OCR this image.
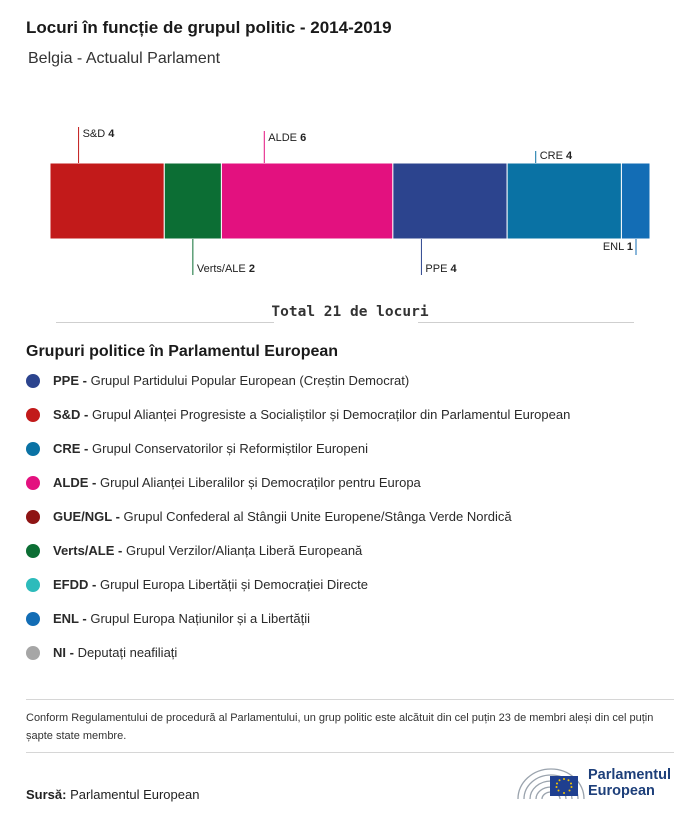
Locuri în funcție de grupul politic - 2014-2019
Belgia - Actualul Parlament
S&D 4
Verts/ALE 2
ALDE 6
PPE 4
CRE 4
ENL 1
Total 21 de locuri
Grupuri politice în Parlamentul European
PPE - Grupul Partidului Popular European (Creștin Democrat)
S&D - Grupul Alianței Progresiste a Socialiștilor și Democraților din Parlamentul European
CRE - Grupul Conservatorilor și Reformiștilor Europeni
ALDE - Grupul Alianței Liberalilor și Democraților pentru Europa
GUE/NGL - Grupul Confederal al Stângii Unite Europene/Stânga Verde Nordică
Verts/ALE - Grupul Verzilor/Alianța Liberă Europeană
EFDD - Grupul Europa Libertății și Democrației Directe
ENL - Grupul Europa Națiunilor și a Libertății
NI - Deputați neafiliați
Conform Regulamentului de procedură al Parlamentului, un grup politic este alcătuit din cel puțin 23 de membri aleși din cel puțin șapte state membre.
Sursă: Parlamentul European
Parlamentul
European
